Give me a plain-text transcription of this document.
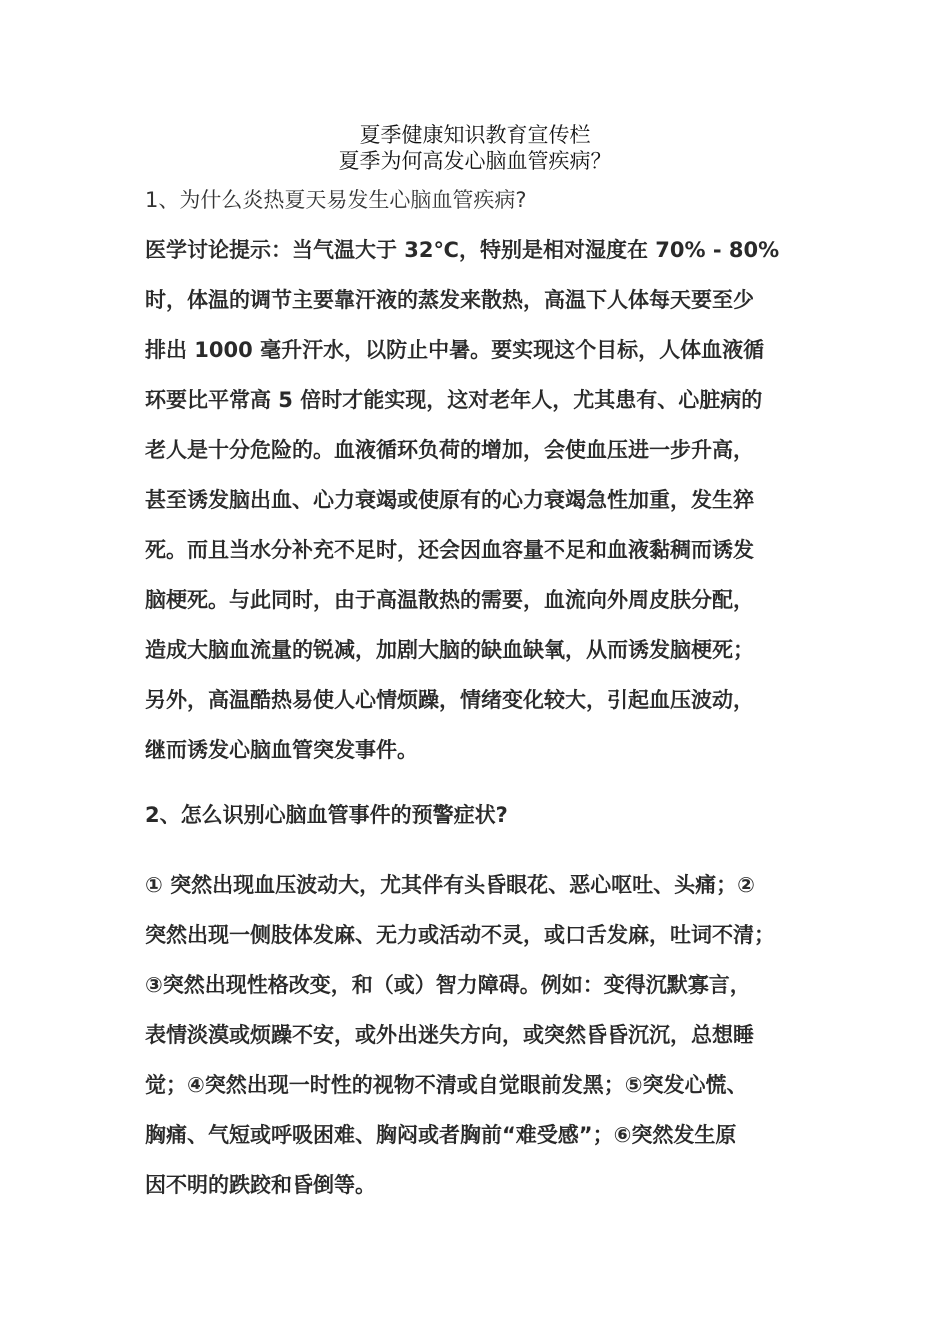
夏季健康知识教育宣传栏
夏季为何高发心脑血管疾病？
1、为什么炎热夏天易发生心脑血管疾病?
医学讨论提示：当气温大于 32℃，特别是相对湿度在 70% - 80%
时，体温的调节主要靠汗液的蒸发来散热，高温下人体每天要至少
排出 1000 毫升汗水，以防止中暑。要实现这个目标，人体血液循
环要比平常高 5 倍时才能实现，这对老年人，尤其患有、心脏病的
老人是十分危险的。血液循环负荷的增加，会使血压进一步升高，
甚至诱发脑出血、心力衰竭或使原有的心力衰竭急性加重，发生猝
死。而且当水分补充不足时，还会因血容量不足和血液黏稠而诱发
脑梗死。与此同时，由于高温散热的需要，血流向外周皮肤分配，
造成大脑血流量的锐减，加剧大脑的缺血缺氧，从而诱发脑梗死；
另外，高温酷热易使人心情烦躁，情绪变化较大，引起血压波动，
继而诱发心脑血管突发事件。
2、怎么识别心脑血管事件的预警症状?
① 突然出现血压波动大，尤其伴有头昏眼花、恶心呕吐、头痛；②
突然出现一侧肢体发麻、无力或活动不灵，或口舌发麻，吐词不清；
③突然出现性格改变，和（或）智力障碍。例如：变得沉默寡言，
表情淡漠或烦躁不安，或外出迷失方向，或突然昏昏沉沉，总想睡
觉；④突然出现一时性的视物不清或自觉眼前发黑；⑤突发心慌、
胸痛、气短或呼吸困难、胸闷或者胸前“难受感”；⑥突然发生原
因不明的跌跤和昏倒等。
